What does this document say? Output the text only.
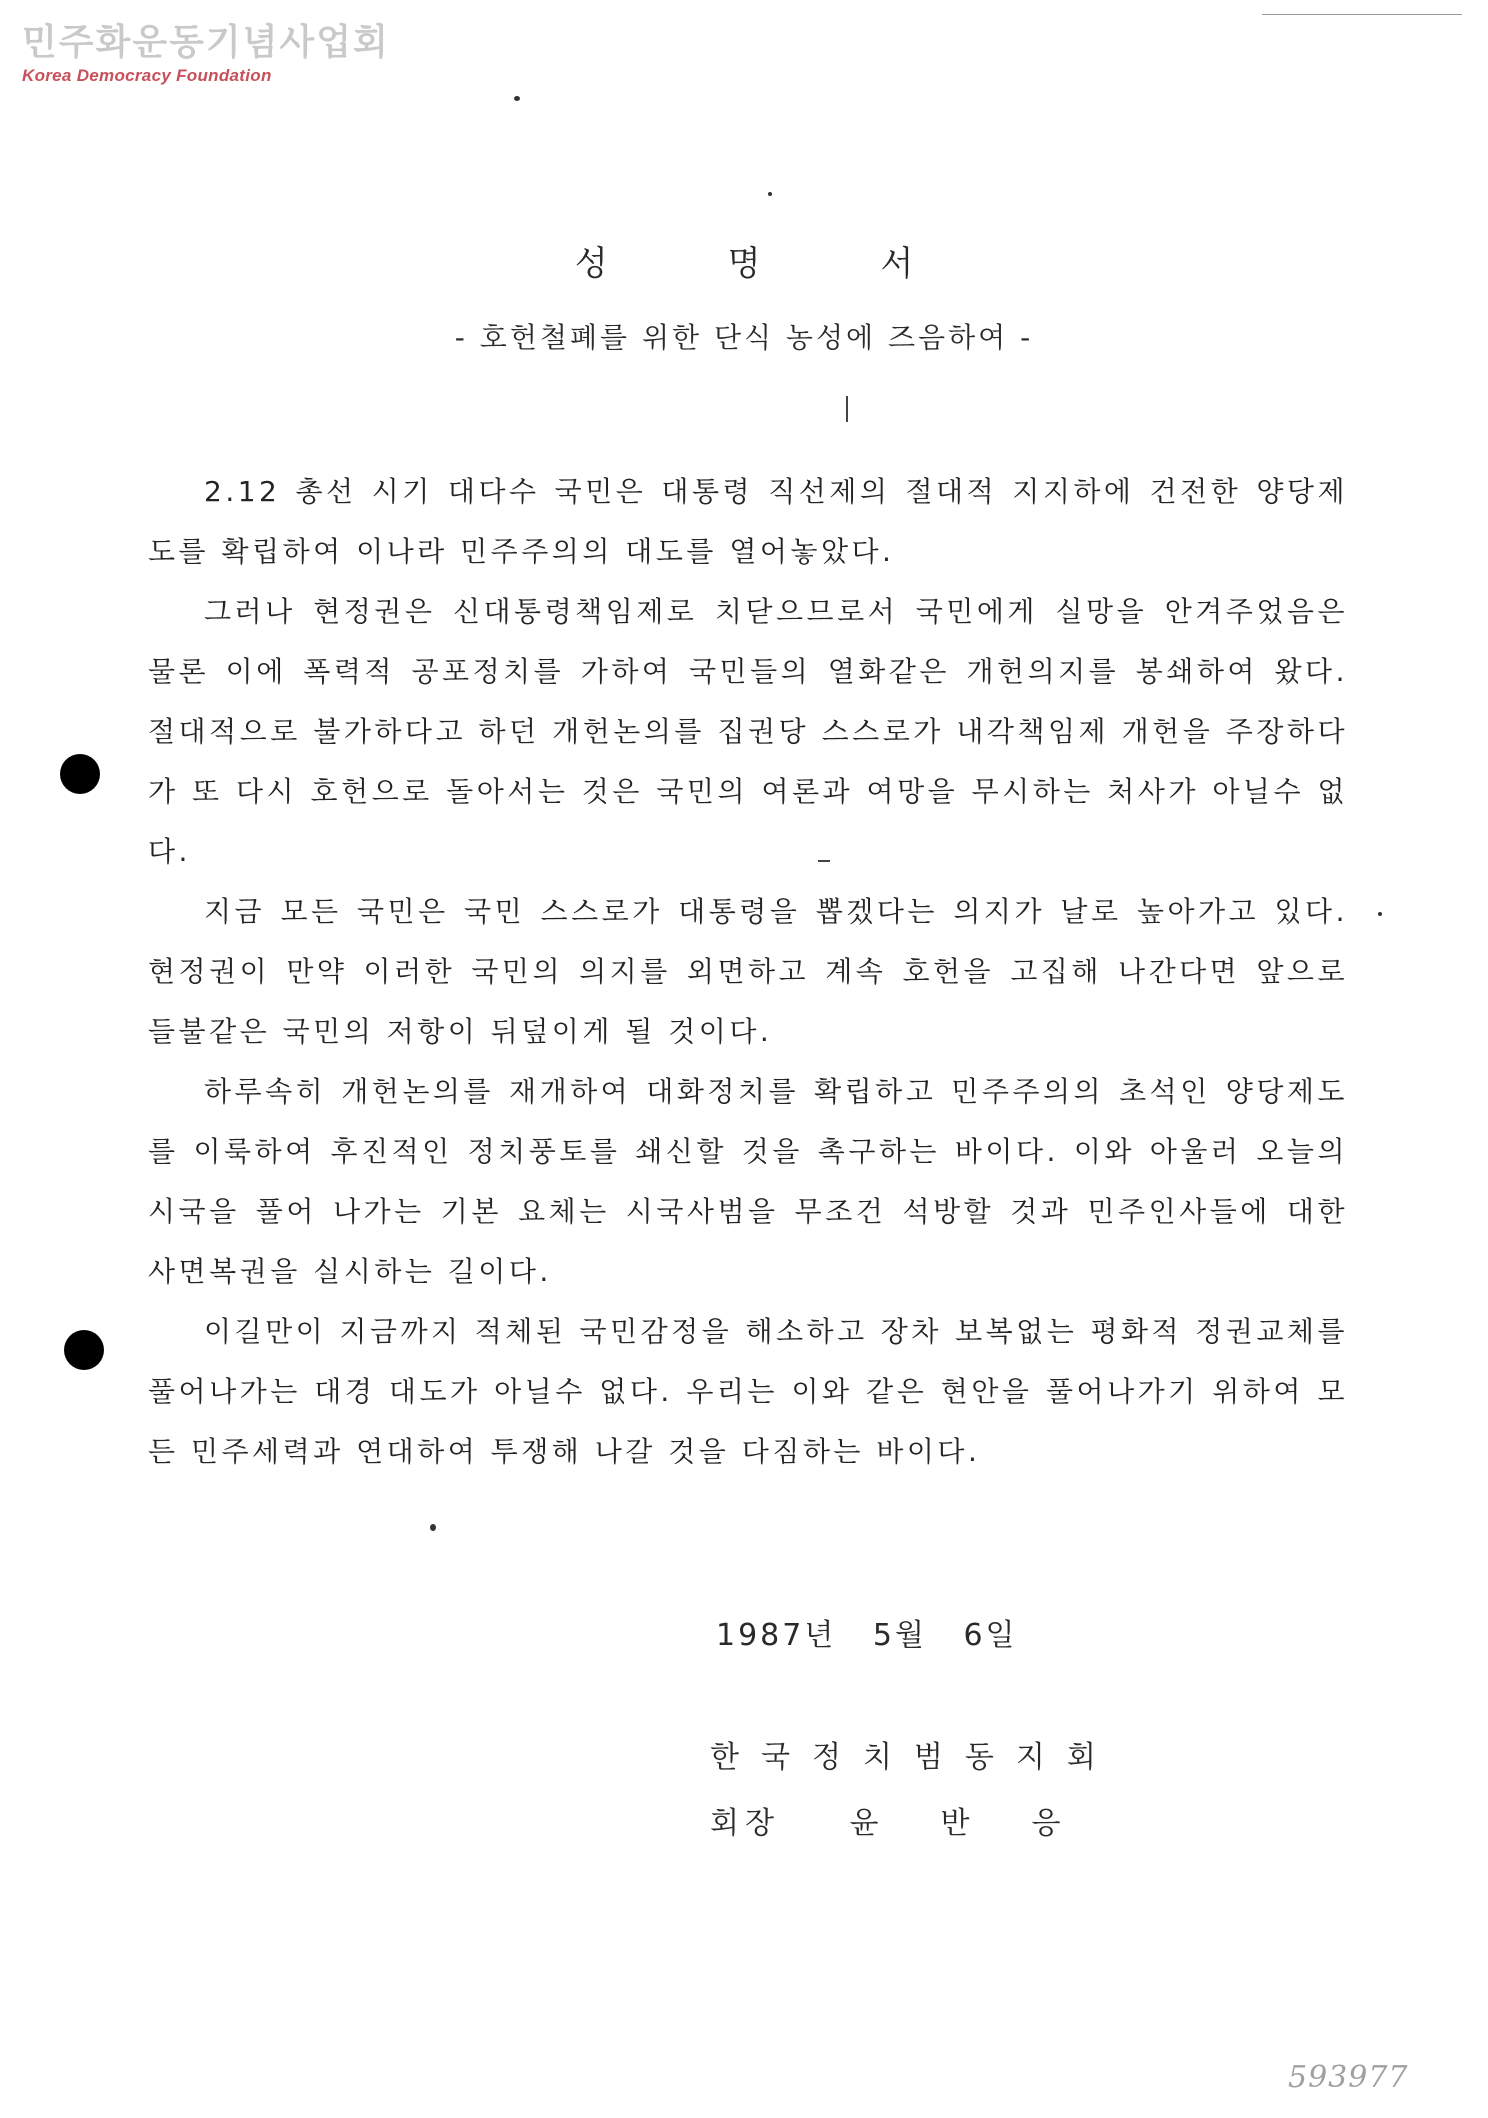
민주화운동기념사업회
Korea Democracy Foundation
성명서
- 호헌철폐를 위한 단식 농성에 즈음하여 -

2.12 총선 시기 대다수 국민은 대통령 직선제의 절대적 지지하에 건전한 양당제도를 확립하여 이나라 민주주의의 대도를 열어놓았다.

그러나 현정권은 신대통령책임제로 치닫으므로서 국민에게 실망을 안겨주었음은 물론 이에 폭력적 공포정치를 가하여 국민들의 열화같은 개헌의지를 봉쇄하여 왔다. 절대적으로 불가하다고 하던 개헌논의를 집권당 스스로가 내각책임제 개헌을 주장하다가 또 다시 호헌으로 돌아서는 것은 국민의 여론과 여망을 무시하는 처사가 아닐수 없다.

지금 모든 국민은 국민 스스로가 대통령을 뽑겠다는 의지가 날로 높아가고 있다. 현정권이 만약 이러한 국민의 의지를 외면하고 계속 호헌을 고집해 나간다면 앞으로 들불같은 국민의 저항이 뒤덮이게 될 것이다.

하루속히 개헌논의를 재개하여 대화정치를 확립하고 민주주의의 초석인 양당제도를 이룩하여 후진적인 정치풍토를 쇄신할 것을 촉구하는 바이다. 이와 아울러 오늘의 시국을 풀어 나가는 기본 요체는 시국사범을 무조건 석방할 것과 민주인사들에 대한 사면복권을 실시하는 길이다.

이길만이 지금까지 적체된 국민감정을 해소하고 장차 보복없는 평화적 정권교체를 풀어나가는 대경 대도가 아닐수 없다. 우리는 이와 같은 현안을 풀어나가기 위하여 모든 민주세력과 연대하여 투쟁해 나갈 것을 다짐하는 바이다.

1987년 5월 6일
한국정치범동지회
회장 윤반응
593977
